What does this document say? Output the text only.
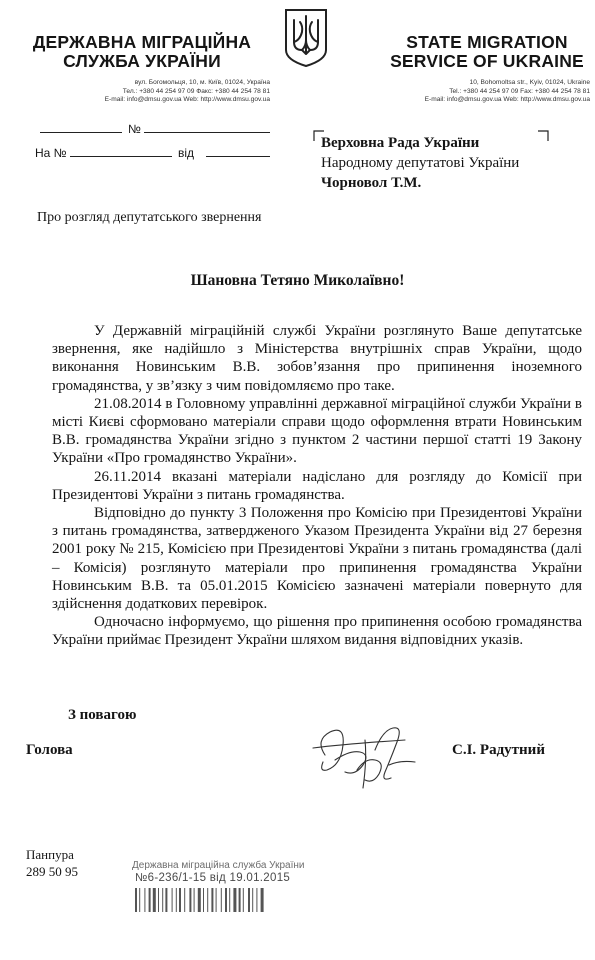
ДЕРЖАВНА МІГРАЦІЙНА
СЛУЖБА УКРАЇНИ
вул. Богомольця, 10, м. Київ, 01024, Україна
Тел.: +380 44 254 97 09 Факс: +380 44 254 78 81
E-mail: info@dmsu.gov.ua Web: http://www.dmsu.gov.ua
STATE MIGRATION
SERVICE OF UKRAINE
10, Bohomoltsa str., Kyiv, 01024, Ukraine
Tel.: +380 44 254 97 09 Fax: +380 44 254 78 81
E-mail: info@dmsu.gov.ua Web: http://www.dmsu.gov.ua
№
На №	від
Верховна Рада України
Народному депутатові України
Чорновол Т.М.
Про розгляд депутатського звернення
Шановна Тетяно Миколаївно!

У Державній міграційній службі України розглянуто Ваше депутатське звернення, яке надійшло з Міністерства внутрішніх справ України, щодо виконання Новинським В.В. зобов’язання про припинення іноземного громадянства, у зв’язку з чим повідомляємо про таке.

21.08.2014 в Головному управлінні державної міграційної служби України в місті Києві сформовано матеріали справи щодо оформлення втрати Новинським В.В. громадянства України згідно з пунктом 2 частини першої статті 19 Закону України «Про громадянство України».

26.11.2014 вказані матеріали надіслано для розгляду до Комісії при Президентові України з питань громадянства.

Відповідно до пункту 3 Положення про Комісію при Президентові України з питань громадянства, затвердженого Указом Президента України від 27 березня 2001 року № 215, Комісією при Президентові України з питань громадянства (далі – Комісія) розглянуто матеріали про припинення громадянства України Новинським В.В. та 05.01.2015 Комісією зазначені матеріали повернуто для здійснення додаткових перевірок.

Одночасно інформуємо, що рішення про припинення особою громадянства України приймає Президент України шляхом видання відповідних указів.

З повагою
Голова	С.І. Радутний
Панпура
289 50 95	Державна міграційна служба України
№6-236/1-15 від 19.01.2015
